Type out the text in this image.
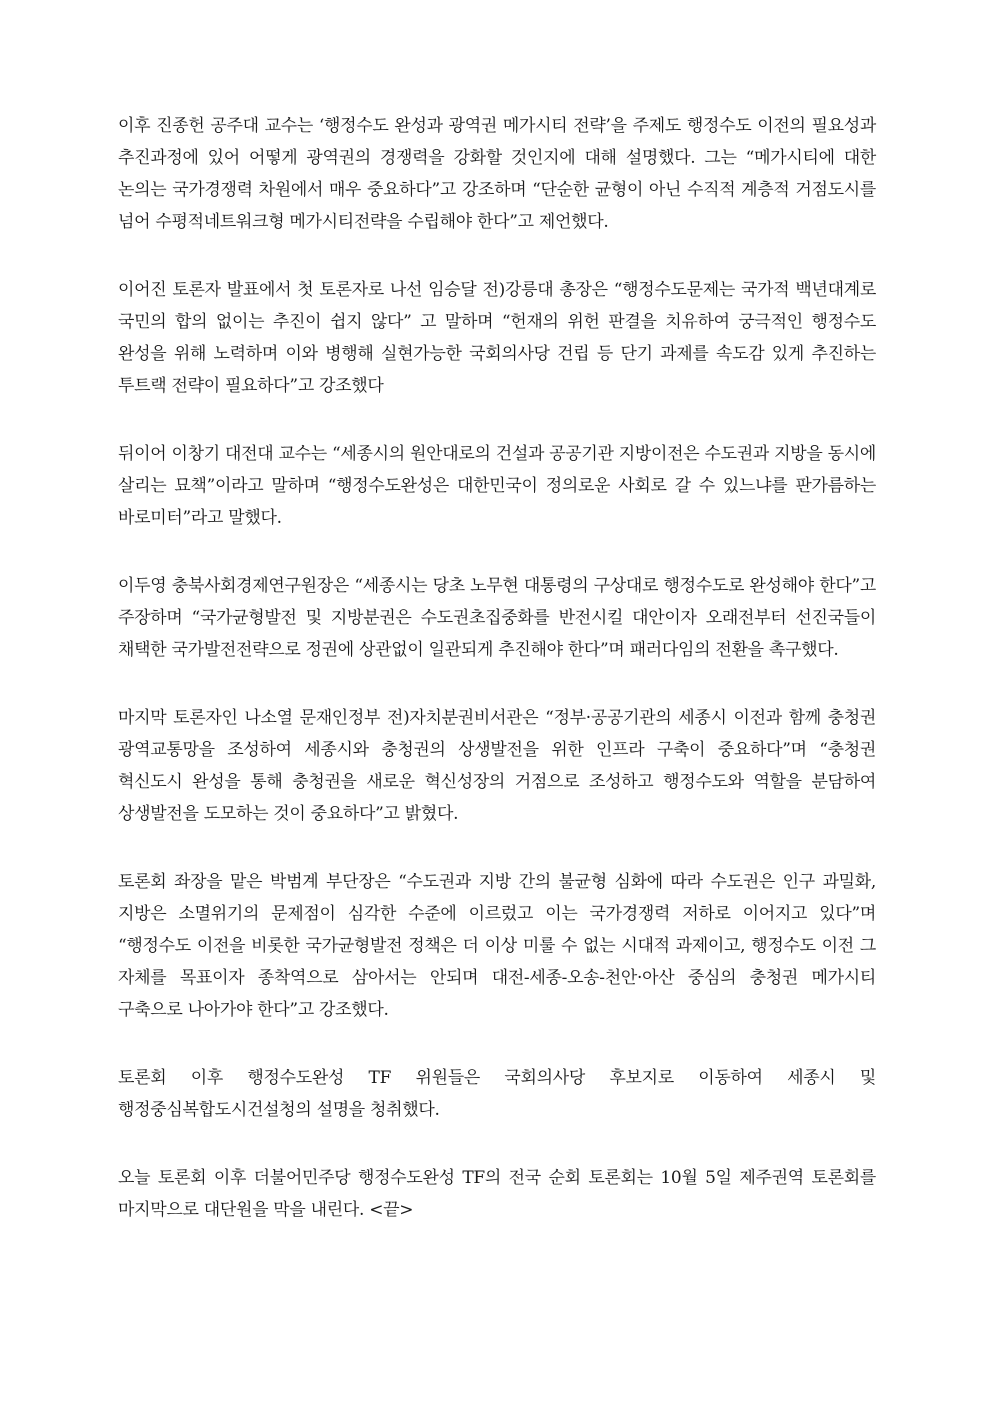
이후 진종헌 공주대 교수는 ‘행정수도 완성과 광역권 메가시티 전략’을 주제도 행정수도 이전의 필요성과 추진과정에 있어 어떻게 광역권의 경쟁력을 강화할 것인지에 대해 설명했다. 그는 “메가시티에 대한 논의는 국가경쟁력 차원에서 매우 중요하다”고 강조하며 “단순한 균형이 아닌 수직적 계층적 거점도시를 넘어 수평적네트워크형 메가시티전략을 수립해야 한다”고 제언했다.

이어진 토론자 발표에서 첫 토론자로 나선 임승달 전)강릉대 총장은 “행정수도문제는 국가적 백년대계로 국민의 합의 없이는 추진이 쉽지 않다” 고 말하며 “헌재의 위헌 판결을 치유하여 궁극적인 행정수도 완성을 위해 노력하며 이와 병행해 실현가능한 국회의사당 건립 등 단기 과제를 속도감 있게 추진하는 투트랙 전략이 필요하다”고 강조했다

뒤이어 이창기 대전대 교수는 “세종시의 원안대로의 건설과 공공기관 지방이전은 수도권과 지방을 동시에 살리는 묘책”이라고 말하며 “행정수도완성은 대한민국이 정의로운 사회로 갈 수 있느냐를 판가름하는 바로미터”라고 말했다.

이두영 충북사회경제연구원장은 “세종시는 당초 노무현 대통령의 구상대로 행정수도로 완성해야 한다”고 주장하며 “국가균형발전 및 지방분권은 수도권초집중화를 반전시킬 대안이자 오래전부터 선진국들이 채택한 국가발전전략으로 정권에 상관없이 일관되게 추진해야 한다”며 패러다임의 전환을 촉구했다.

마지막 토론자인 나소열 문재인정부 전)자치분권비서관은 “정부·공공기관의 세종시 이전과 함께 충청권 광역교통망을 조성하여 세종시와 충청권의 상생발전을 위한 인프라 구축이 중요하다”며 “충청권 혁신도시 완성을 통해 충청권을 새로운 혁신성장의 거점으로 조성하고 행정수도와 역할을 분담하여 상생발전을 도모하는 것이 중요하다”고 밝혔다.

토론회 좌장을 맡은 박범계 부단장은 “수도권과 지방 간의 불균형 심화에 따라 수도권은 인구 과밀화, 지방은 소멸위기의 문제점이 심각한 수준에 이르렀고 이는 국가경쟁력 저하로 이어지고 있다”며 “행정수도 이전을 비롯한 국가균형발전 정책은 더 이상 미룰 수 없는 시대적 과제이고, 행정수도 이전 그 자체를 목표이자 종착역으로 삼아서는 안되며 대전-세종-오송-천안·아산 중심의 충청권 메가시티 구축으로 나아가야 한다”고 강조했다.

토론회 이후 행정수도완성 TF 위원들은 국회의사당 후보지로 이동하여 세종시 및 행정중심복합도시건설청의 설명을 청취했다.

오늘 토론회 이후 더불어민주당 행정수도완성 TF의 전국 순회 토론회는 10월 5일 제주권역 토론회를 마지막으로 대단원을 막을 내린다. <끝>
